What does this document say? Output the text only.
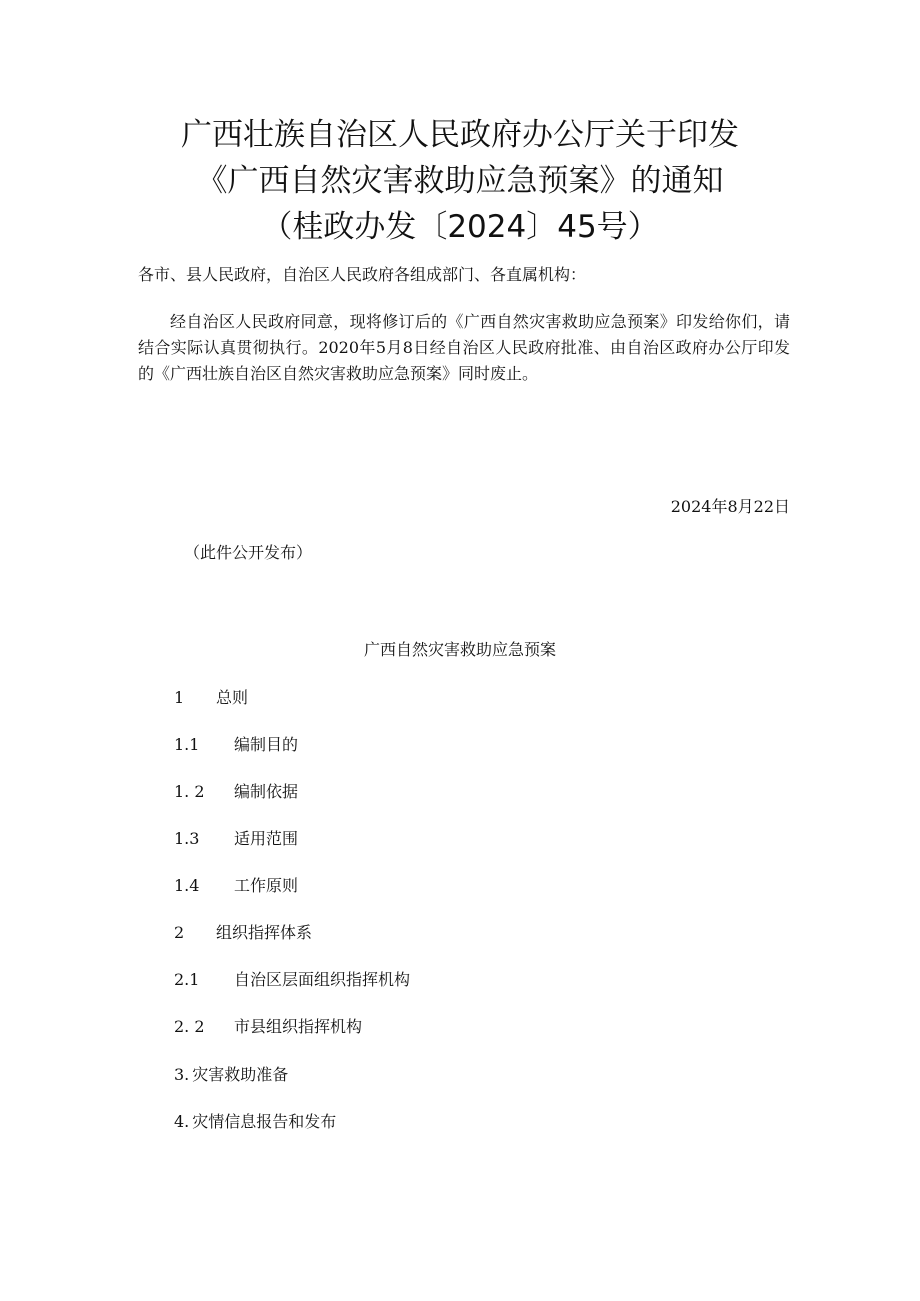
广西壮族自治区人民政府办公厅关于印发
《广西自然灾害救助应急预案》的通知
（桂政办发〔2024〕45号）
各市、县人民政府，自治区人民政府各组成部门、各直属机构：
经自治区人民政府同意，现将修订后的《广西自然灾害救助应急预案》印发给你们，请结合实际认真贯彻执行。2020年5月8日经自治区人民政府批准、由自治区政府办公厅印发的《广西壮族自治区自然灾害救助应急预案》同时废止。
2024年8月22日
（此件公开发布）
广西自然灾害救助应急预案
1	总则
1.1	编制目的
1. 2	编制依据
1.3	适用范围
1.4	工作原则
2	组织指挥体系
2.1	自治区层面组织指挥机构
2. 2	市县组织指挥机构
3. 灾害救助准备
4. 灾情信息报告和发布
